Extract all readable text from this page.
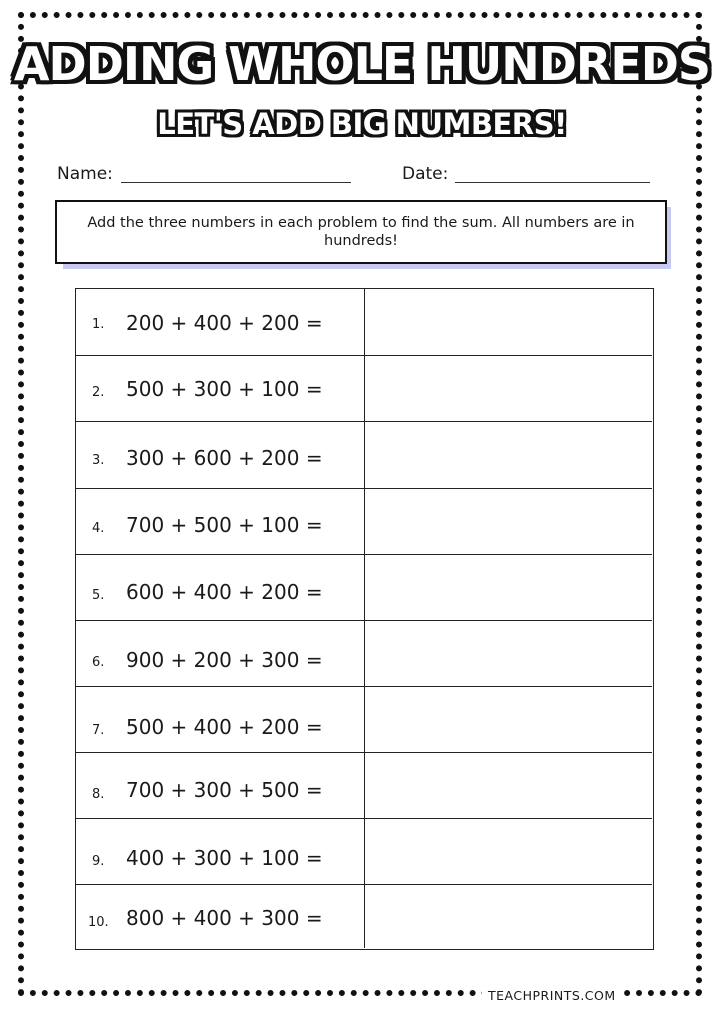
ADDING WHOLE HUNDREDS
LET'S ADD BIG NUMBERS!
Name:	Date:
Add the three numbers in each problem to find the sum. All numbers are in hundreds!
1. 200 + 400 + 200 =
2. 500 + 300 + 100 =
3. 300 + 600 + 200 =
4. 700 + 500 + 100 =
5. 600 + 400 + 200 =
6. 900 + 200 + 300 =
7. 500 + 400 + 200 =
8. 700 + 300 + 500 =
9. 400 + 300 + 100 =
10. 800 + 400 + 300 =
TEACHPRINTS.COM
